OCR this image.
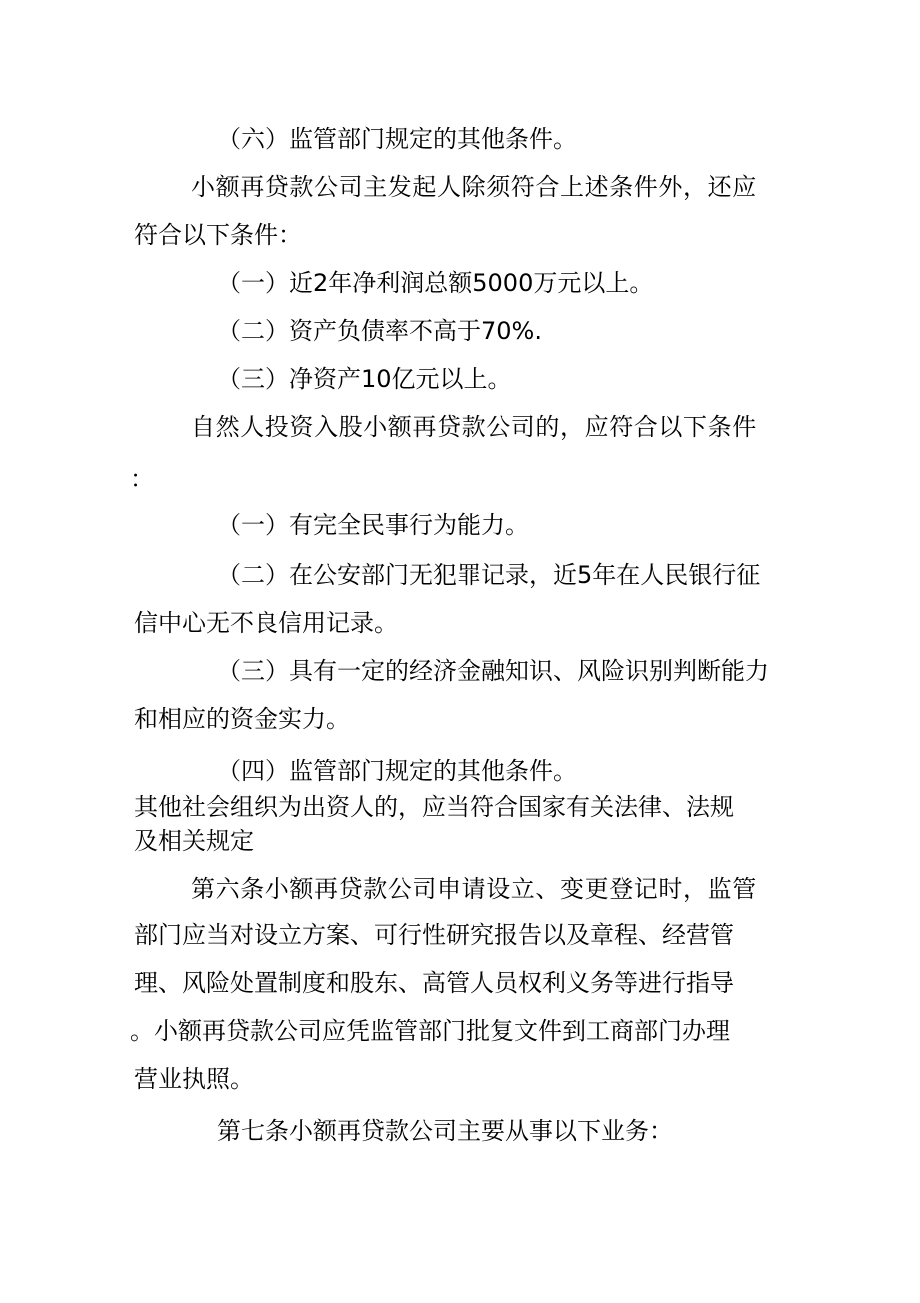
（六）监管部门规定的其他条件。

小额再贷款公司主发起人除须符合上述条件外，还应

符合以下条件：

（一）近2年净利润总额5000万元以上。

（二）资产负债率不高于70%.

（三）净资产10亿元以上。

自然人投资入股小额再贷款公司的，应符合以下条件

：

（一）有完全民事行为能力。

（二）在公安部门无犯罪记录，近5年在人民银行征

信中心无不良信用记录。

（三）具有一定的经济金融知识、风险识别判断能力

和相应的资金实力。

（四）监管部门规定的其他条件。

其他社会组织为出资人的，应当符合国家有关法律、法规

及相关规定

第六条小额再贷款公司申请设立、变更登记时，监管

部门应当对设立方案、可行性研究报告以及章程、经营管

理、风险处置制度和股东、高管人员权利义务等进行指导

。小额再贷款公司应凭监管部门批复文件到工商部门办理

营业执照。

第七条小额再贷款公司主要从事以下业务：
